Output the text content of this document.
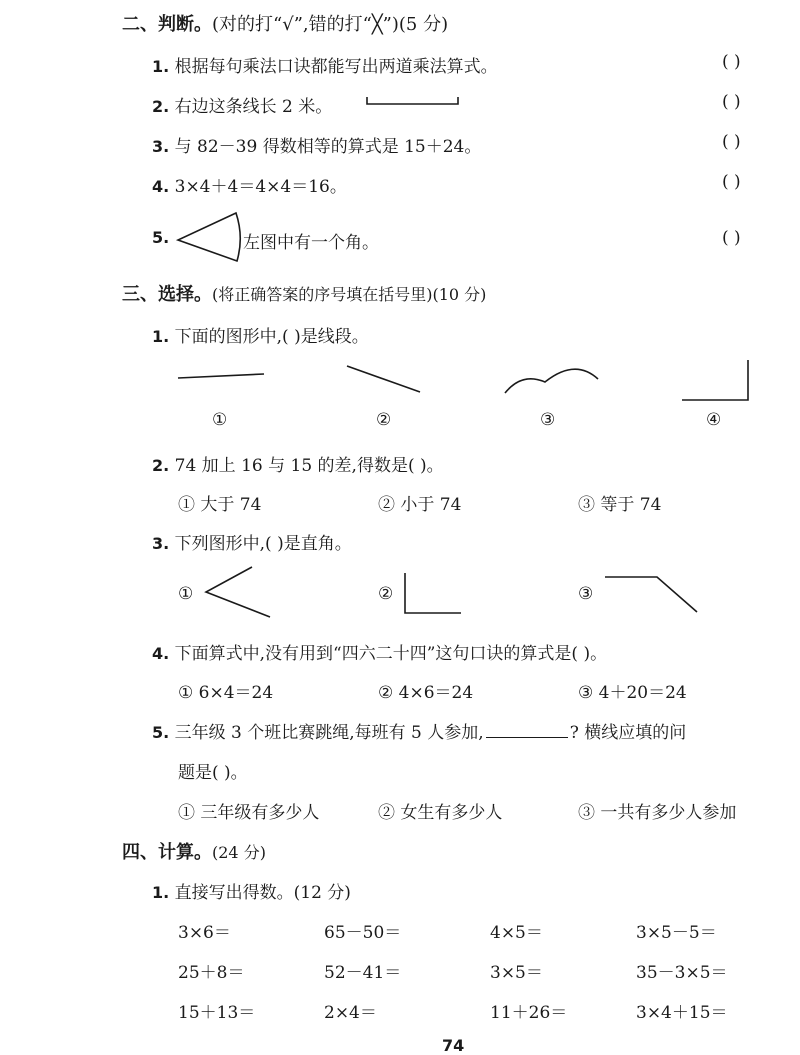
二、判断。(对的打“√”,错的打“╳”)(5 分)
1. 根据每句乘法口诀都能写出两道乘法算式。	( )
2. 右边这条线长 2 米。	( )
3. 与 82－39 得数相等的算式是 15＋24。	( )
4. 3×4＋4＝4×4＝16。	( )
5.	左图中有一个角。	( )
三、选择。(将正确答案的序号填在括号里)(10 分)
1. 下面的图形中,( )是线段。
①	②	③	④
2. 74 加上 16 与 15 的差,得数是( )。
① 大于 74	② 小于 74	③ 等于 74
3. 下列图形中,( )是直角。
①	②	③
4. 下面算式中,没有用到“四六二十四”这句口诀的算式是( )。
① 6×4＝24	② 4×6＝24	③ 4＋20＝24
5. 三年级 3 个班比赛跳绳,每班有 5 人参加,	? 横线应填的问
题是( )。
① 三年级有多少人	② 女生有多少人	③ 一共有多少人参加
四、计算。(24 分)
1. 直接写出得数。(12 分)
3×6＝	65－50＝	4×5＝	3×5－5＝
25＋8＝	52－41＝	3×5＝	35－3×5＝
15＋13＝	2×4＝	11＋26＝	3×4＋15＝
74
